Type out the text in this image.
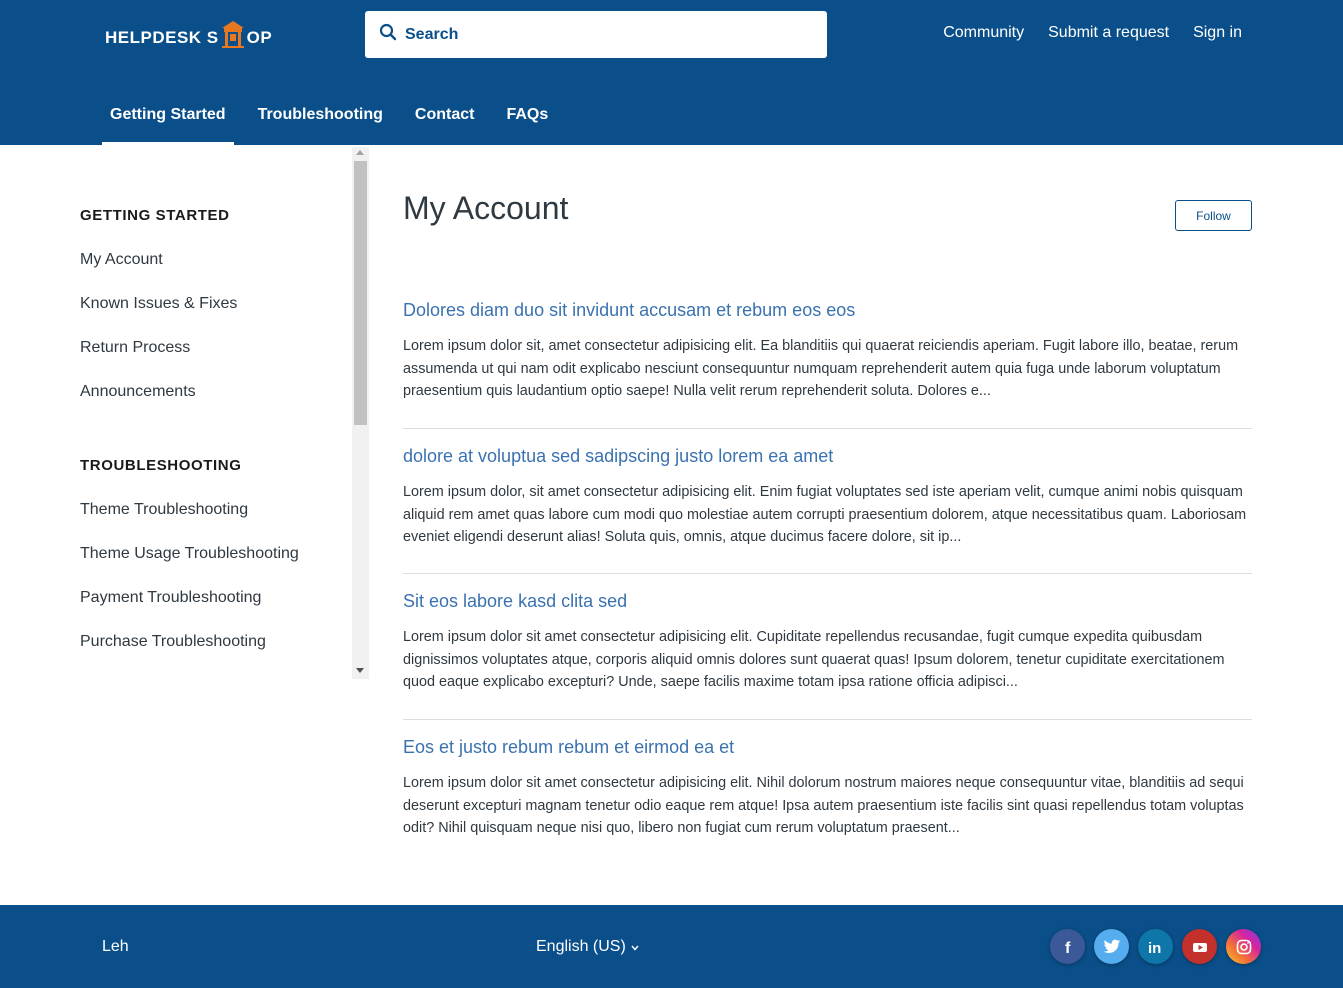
HELPDESK S OP
Search	Community Submit a request Sign in
Getting Started	Troubleshooting	Contact	FAQs
GETTING STARTED
My Account
Known Issues & Fixes
Return Process
Announcements
TROUBLESHOOTING
Theme Troubleshooting
Theme Usage Troubleshooting
Payment Troubleshooting
Purchase Troubleshooting
My Account	Follow
Dolores diam duo sit invidunt accusam et rebum eos eos

Lorem ipsum dolor sit, amet consectetur adipisicing elit. Ea blanditiis qui quaerat reiciendis aperiam. Fugit labore illo, beatae, rerum assumenda ut qui nam odit explicabo nesciunt consequuntur numquam reprehenderit autem quia fuga unde laborum voluptatum praesentium quis laudantium optio saepe! Nulla velit rerum reprehenderit soluta. Dolores e...

dolore at voluptua sed sadipscing justo lorem ea amet

Lorem ipsum dolor, sit amet consectetur adipisicing elit. Enim fugiat voluptates sed iste aperiam velit, cumque animi nobis quisquam aliquid rem amet quas labore cum modi quo molestiae autem corrupti praesentium dolorem, atque necessitatibus quam. Laboriosam eveniet eligendi deserunt alias! Soluta quis, omnis, atque ducimus facere dolore, sit ip...

Sit eos labore kasd clita sed

Lorem ipsum dolor sit amet consectetur adipisicing elit. Cupiditate repellendus recusandae, fugit cumque expedita quibusdam dignissimos voluptates atque, corporis aliquid omnis dolores sunt quaerat quas! Ipsum dolorem, tenetur cupiditate exercitationem quod eaque explicabo excepturi? Unde, saepe facilis maxime totam ipsa ratione officia adipisci...

Eos et justo rebum rebum et eirmod ea et

Lorem ipsum dolor sit amet consectetur adipisicing elit. Nihil dolorum nostrum maiores neque consequuntur vitae, blanditiis ad sequi deserunt excepturi magnam tenetur odio eaque rem atque! Ipsa autem praesentium iste facilis sint quasi repellendus totam voluptas odit? Nihil quisquam neque nisi quo, libero non fugiat cum rerum voluptatum praesent...

Leh	English (US)	f	in
